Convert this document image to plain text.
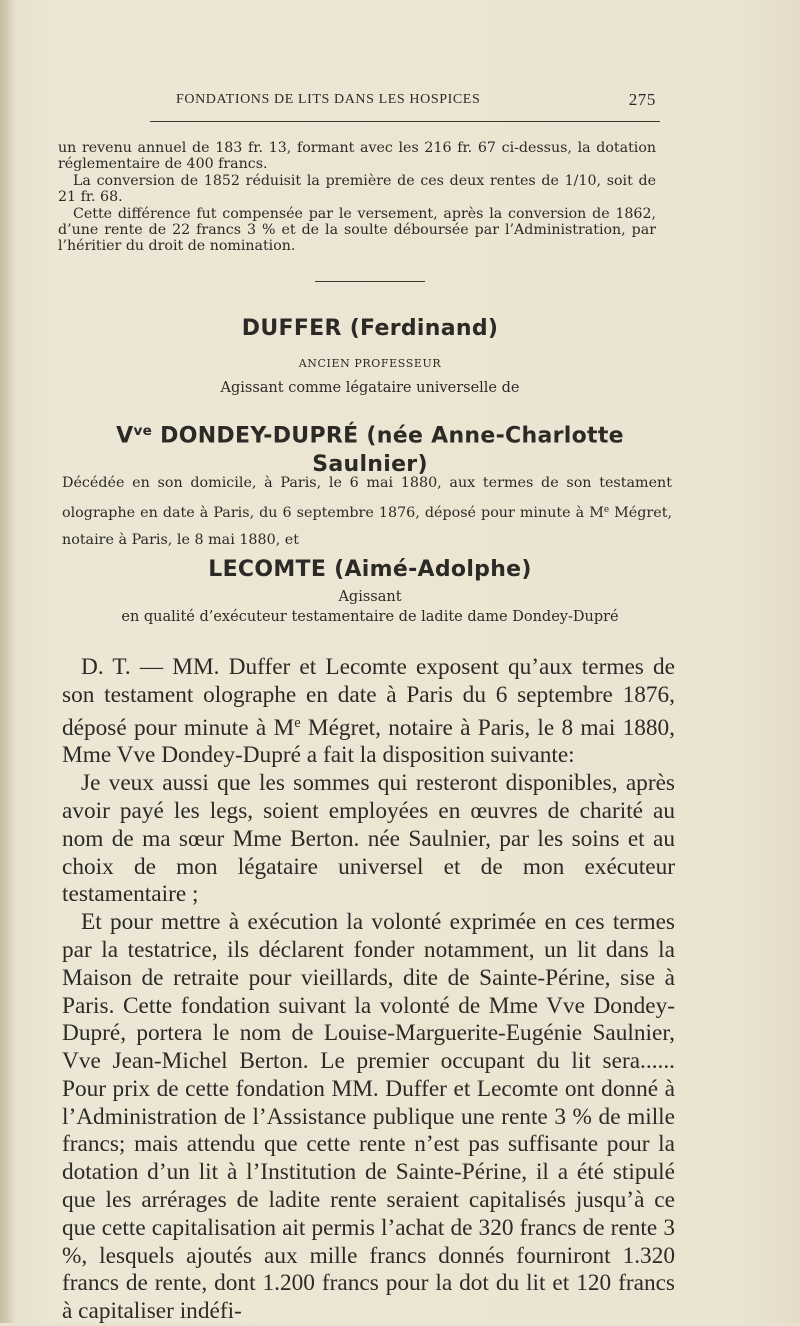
FONDATIONS DE LITS DANS LES HOSPICES	275

un revenu annuel de 183 fr. 13, formant avec les 216 fr. 67 ci-dessus, la dotation réglementaire de 400 francs.

La conversion de 1852 réduisit la première de ces deux rentes de 1/10, soit de 21 fr. 68.

Cette différence fut compensée par le versement, après la conversion de 1862, d’une rente de 22 francs 3 % et de la soulte déboursée par l’Administration, par l’héritier du droit de nomination.

DUFFER (Ferdinand)
ANCIEN PROFESSEUR
Agissant comme légataire universelle de
$V^{ve}$ DONDEY-DUPRÉ (née Anne-Charlotte
Saulnier)

Décédée en son domicile, à Paris, le 6 mai 1880, aux termes de son testament olographe en date à Paris, du 6 septembre 1876, déposé pour minute à Me Mégret, notaire à Paris, le 8 mai 1880, et

LECOMTE (Aimé-Adolphe)
Agissant
en qualité d’exécuteur testamentaire de ladite dame Dondey-Dupré

D. T. — MM. Duffer et Lecomte exposent qu’aux termes de son testament olographe en date à Paris du 6 septembre 1876, déposé pour minute à Me Mégret, notaire à Paris, le 8 mai 1880, Mme Vve Dondey-Dupré a fait la disposition suivante:

Je veux aussi que les sommes qui resteront disponibles, après avoir payé les legs, soient employées en œuvres de charité au nom de ma sœur Mme Berton. née Saulnier, par les soins et au choix de mon légataire universel et de mon exécuteur testamentaire ;

Et pour mettre à exécution la volonté exprimée en ces termes par la testatrice, ils déclarent fonder notamment, un lit dans la Maison de retraite pour vieillards, dite de Sainte-Périne, sise à Paris. Cette fondation suivant la volonté de Mme Vve Dondey-Dupré, portera le nom de Louise-Marguerite-Eugénie Saulnier, Vve Jean-Michel Berton. Le premier occupant du lit sera...... Pour prix de cette fondation MM. Duffer et Lecomte ont donné à l’Administration de l’Assistance publique une rente 3 % de mille francs; mais attendu que cette rente n’est pas suffisante pour la dotation d’un lit à l’Institution de Sainte-Périne, il a été stipulé que les arrérages de ladite rente seraient capitalisés jusqu’à ce que cette capitalisation ait permis l’achat de 320 francs de rente 3 %, lesquels ajoutés aux mille francs donnés fourniront 1.320 francs de rente, dont 1.200 francs pour la dot du lit et 120 francs à capitaliser indéfi-
